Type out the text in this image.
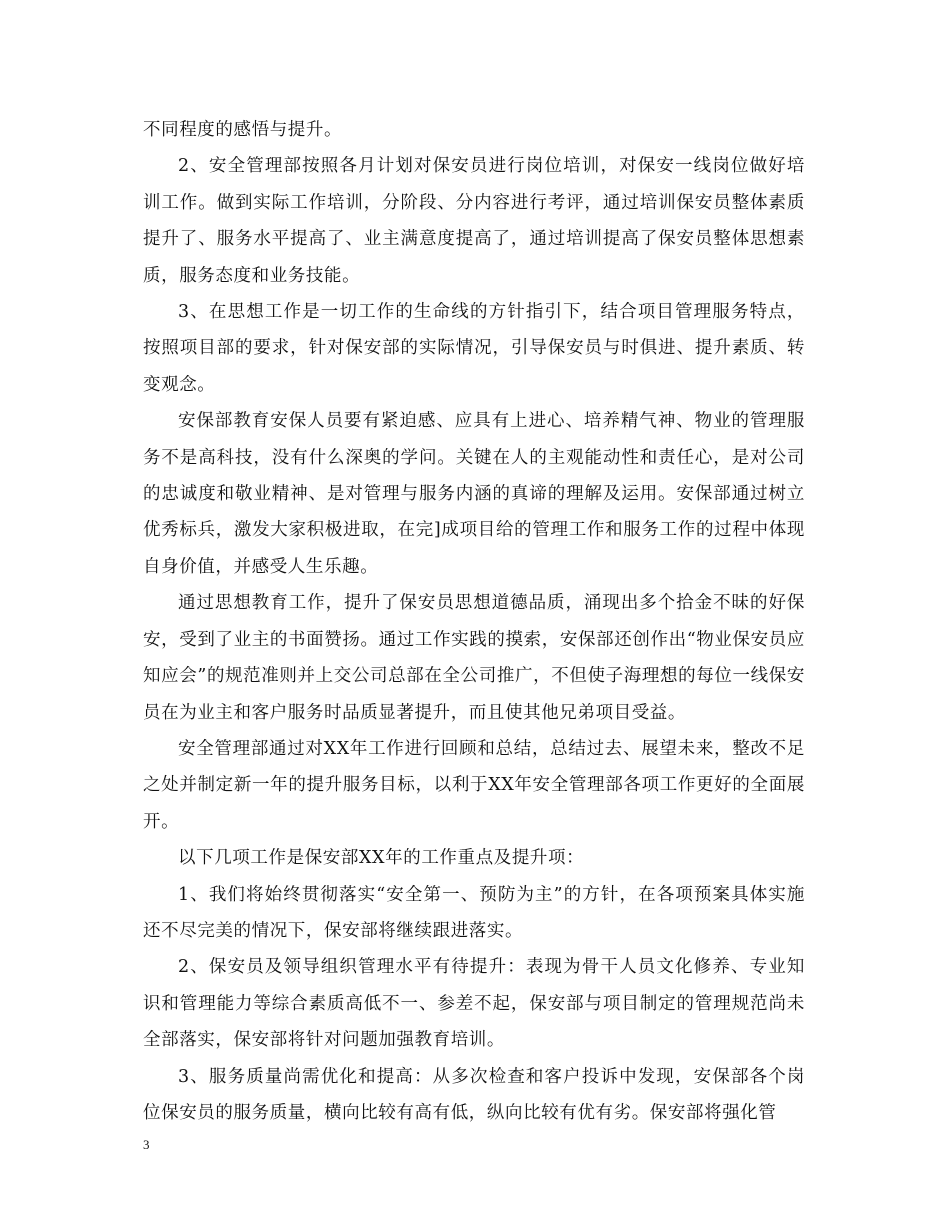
不同程度的感悟与提升。

2、安全管理部按照各月计划对保安员进行岗位培训，对保安一线岗位做好培训工作。做到实际工作培训，分阶段、分内容进行考评，通过培训保安员整体素质提升了、服务水平提高了、业主满意度提高了，通过培训提高了保安员整体思想素质，服务态度和业务技能。

3、在思想工作是一切工作的生命线的方针指引下，结合项目管理服务特点，按照项目部的要求，针对保安部的实际情况，引导保安员与时俱进、提升素质、转变观念。

安保部教育安保人员要有紧迫感、应具有上进心、培养精气神、物业的管理服务不是高科技，没有什么深奥的学问。关键在人的主观能动性和责任心，是对公司的忠诚度和敬业精神、是对管理与服务内涵的真谛的理解及运用。安保部通过树立优秀标兵，激发大家积极进取，在完]成项目给的管理工作和服务工作的过程中体现自身价值，并感受人生乐趣。

通过思想教育工作，提升了保安员思想道德品质，涌现出多个拾金不昧的好保安，受到了业主的书面赞扬。通过工作实践的摸索，安保部还创作出“物业保安员应知应会”的规范准则并上交公司总部在全公司推广，不但使子海理想的每位一线保安员在为业主和客户服务时品质显著提升，而且使其他兄弟项目受益。

安全管理部通过对XX年工作进行回顾和总结，总结过去、展望未来，整改不足之处并制定新一年的提升服务目标，以利于XX年安全管理部各项工作更好的全面展开。

以下几项工作是保安部XX年的工作重点及提升项：

1、我们将始终贯彻落实“安全第一、预防为主”的方针，在各项预案具体实施还不尽完美的情况下，保安部将继续跟进落实。

2、保安员及领导组织管理水平有待提升：表现为骨干人员文化修养、专业知识和管理能力等综合素质高低不一、参差不起，保安部与项目制定的管理规范尚未全部落实，保安部将针对问题加强教育培训。

3、服务质量尚需优化和提高：从多次检查和客户投诉中发现，安保部各个岗位保安员的服务质量，横向比较有高有低，纵向比较有优有劣。保安部将强化管

3
